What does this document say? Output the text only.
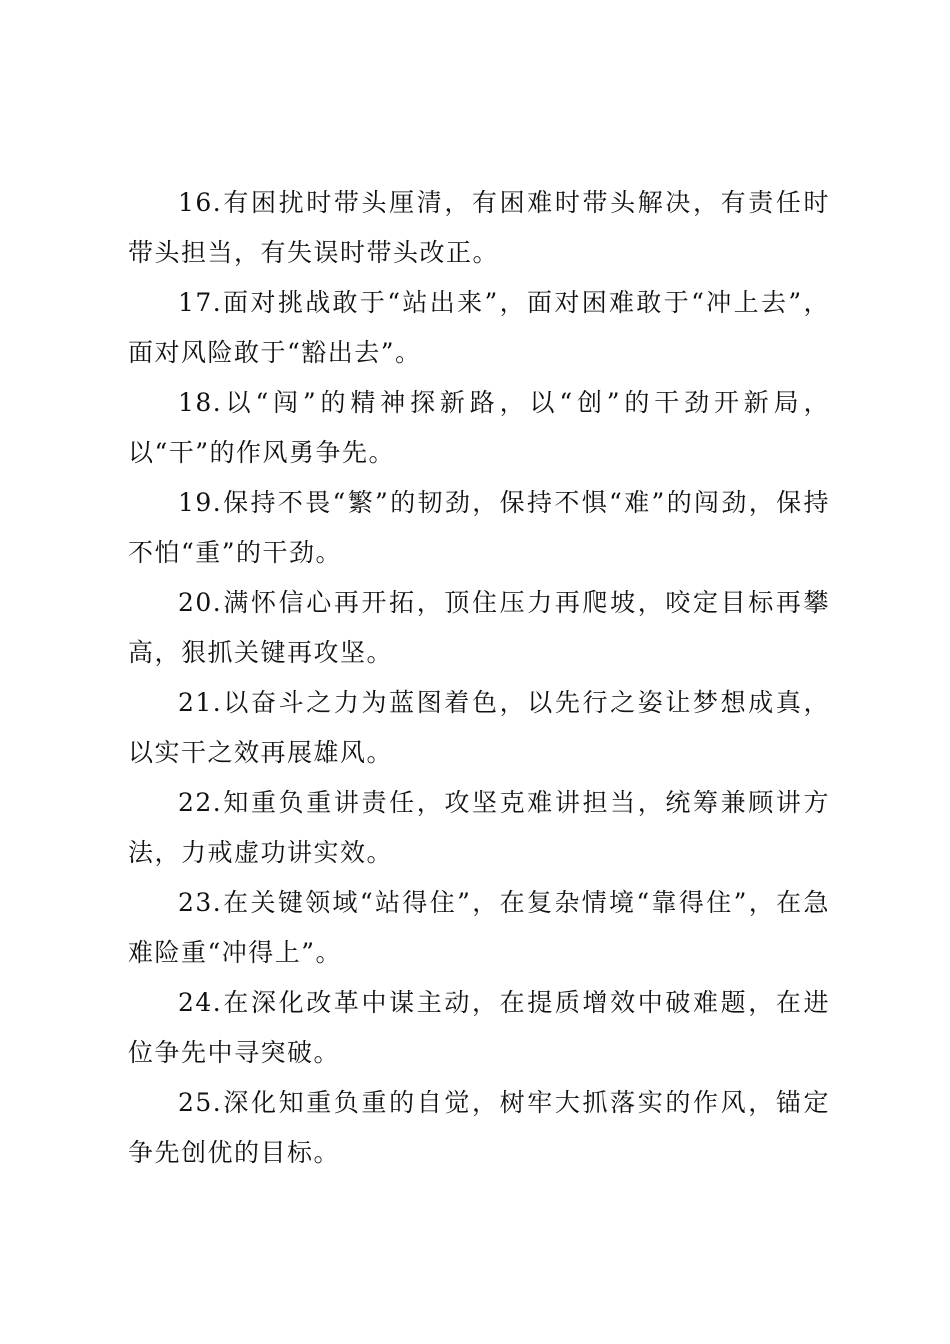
16.有困扰时带头厘清，有困难时带头解决，有责任时带头担当，有失误时带头改正。

17.面对挑战敢于“站出来”，面对困难敢于“冲上去”，面对风险敢于“豁出去”。

18.以“闯”的精神探新路，以“创”的干劲开新局，以“干”的作风勇争先。

19.保持不畏“繁”的韧劲，保持不惧“难”的闯劲，保持不怕“重”的干劲。

20.满怀信心再开拓，顶住压力再爬坡，咬定目标再攀高，狠抓关键再攻坚。

21.以奋斗之力为蓝图着色，以先行之姿让梦想成真，以实干之效再展雄风。

22.知重负重讲责任，攻坚克难讲担当，统筹兼顾讲方法，力戒虚功讲实效。

23.在关键领域“站得住”，在复杂情境“靠得住”，在急难险重“冲得上”。

24.在深化改革中谋主动，在提质增效中破难题，在进位争先中寻突破。

25.深化知重负重的自觉，树牢大抓落实的作风，锚定争先创优的目标。
